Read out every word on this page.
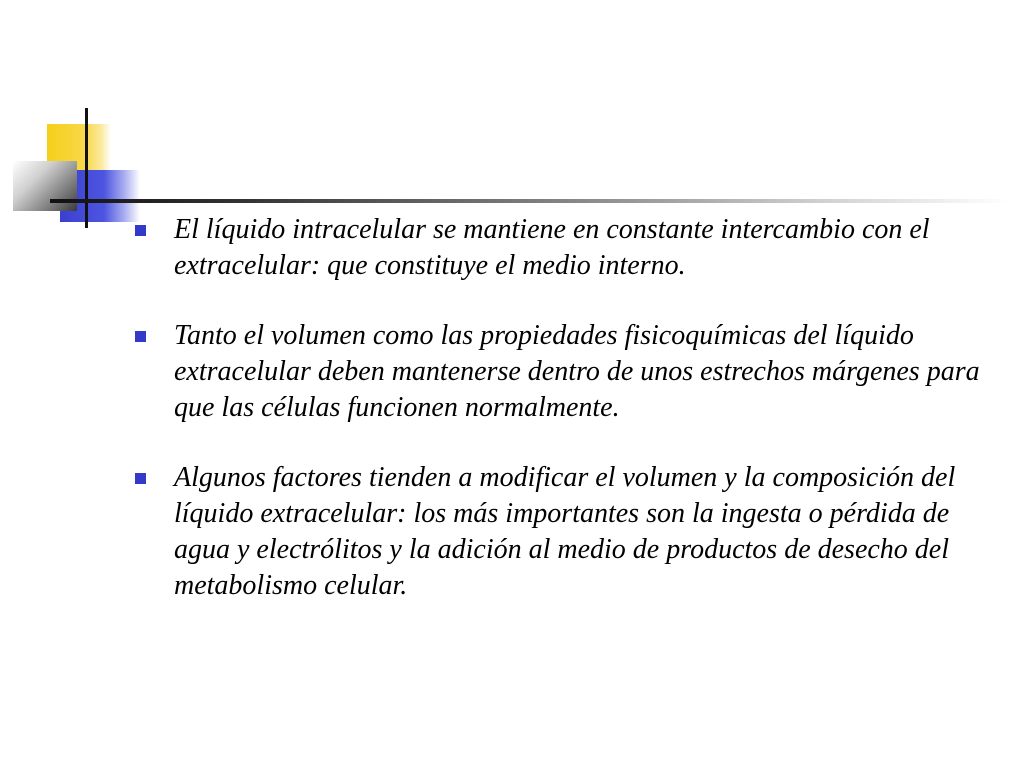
El líquido intracelular se mantiene en constante intercambio con el extracelular: que constituye el medio interno.
Tanto el volumen como las propiedades fisicoquímicas del líquido extracelular deben mantenerse dentro de unos estrechos márgenes para que las células funcionen normalmente.
Algunos factores tienden a modificar el volumen y la composición del líquido extracelular: los más importantes son la ingesta o pérdida de agua y electrólitos y la adición al medio de productos de desecho del metabolismo celular.
